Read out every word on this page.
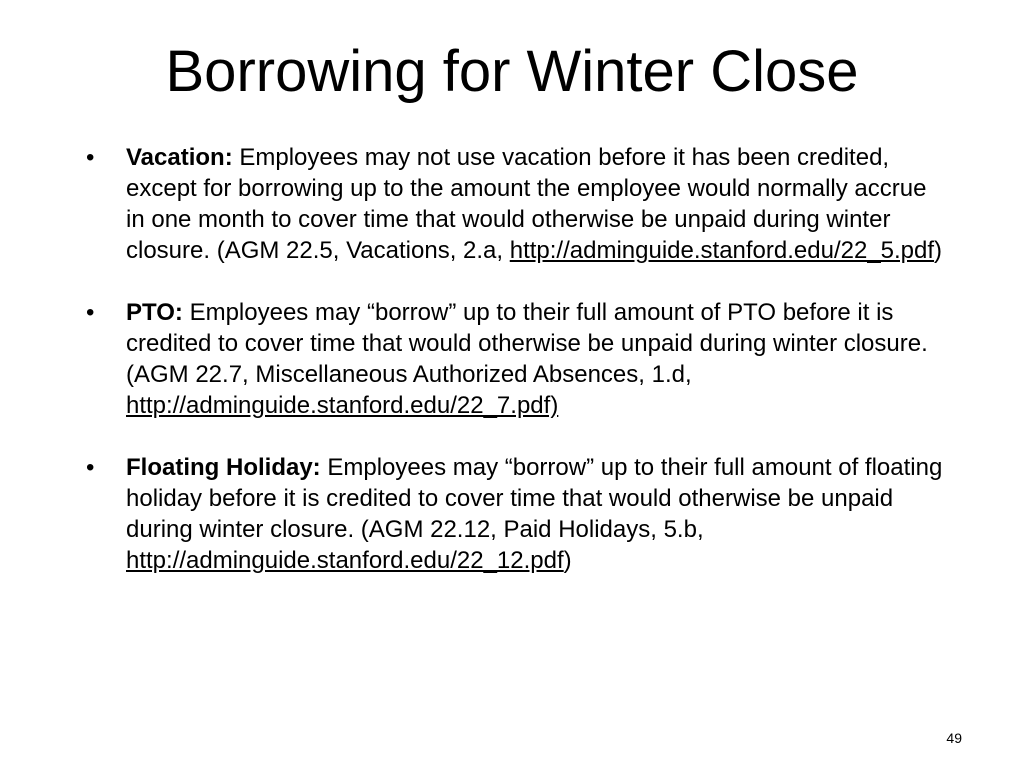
Borrowing for Winter Close
• Vacation: Employees may not use vacation before it has been credited, except for borrowing up to the amount the employee would normally accrue in one month to cover time that would otherwise be unpaid during winter closure. (AGM 22.5, Vacations, 2.a, http://adminguide.stanford.edu/22_5.pdf)
• PTO: Employees may “borrow” up to their full amount of PTO before it is credited to cover time that would otherwise be unpaid during winter closure. (AGM 22.7, Miscellaneous Authorized Absences, 1.d, http://adminguide.stanford.edu/22_7.pdf)
• Floating Holiday: Employees may “borrow” up to their full amount of floating holiday before it is credited to cover time that would otherwise be unpaid during winter closure. (AGM 22.12, Paid Holidays, 5.b, http://adminguide.stanford.edu/22_12.pdf)
49
